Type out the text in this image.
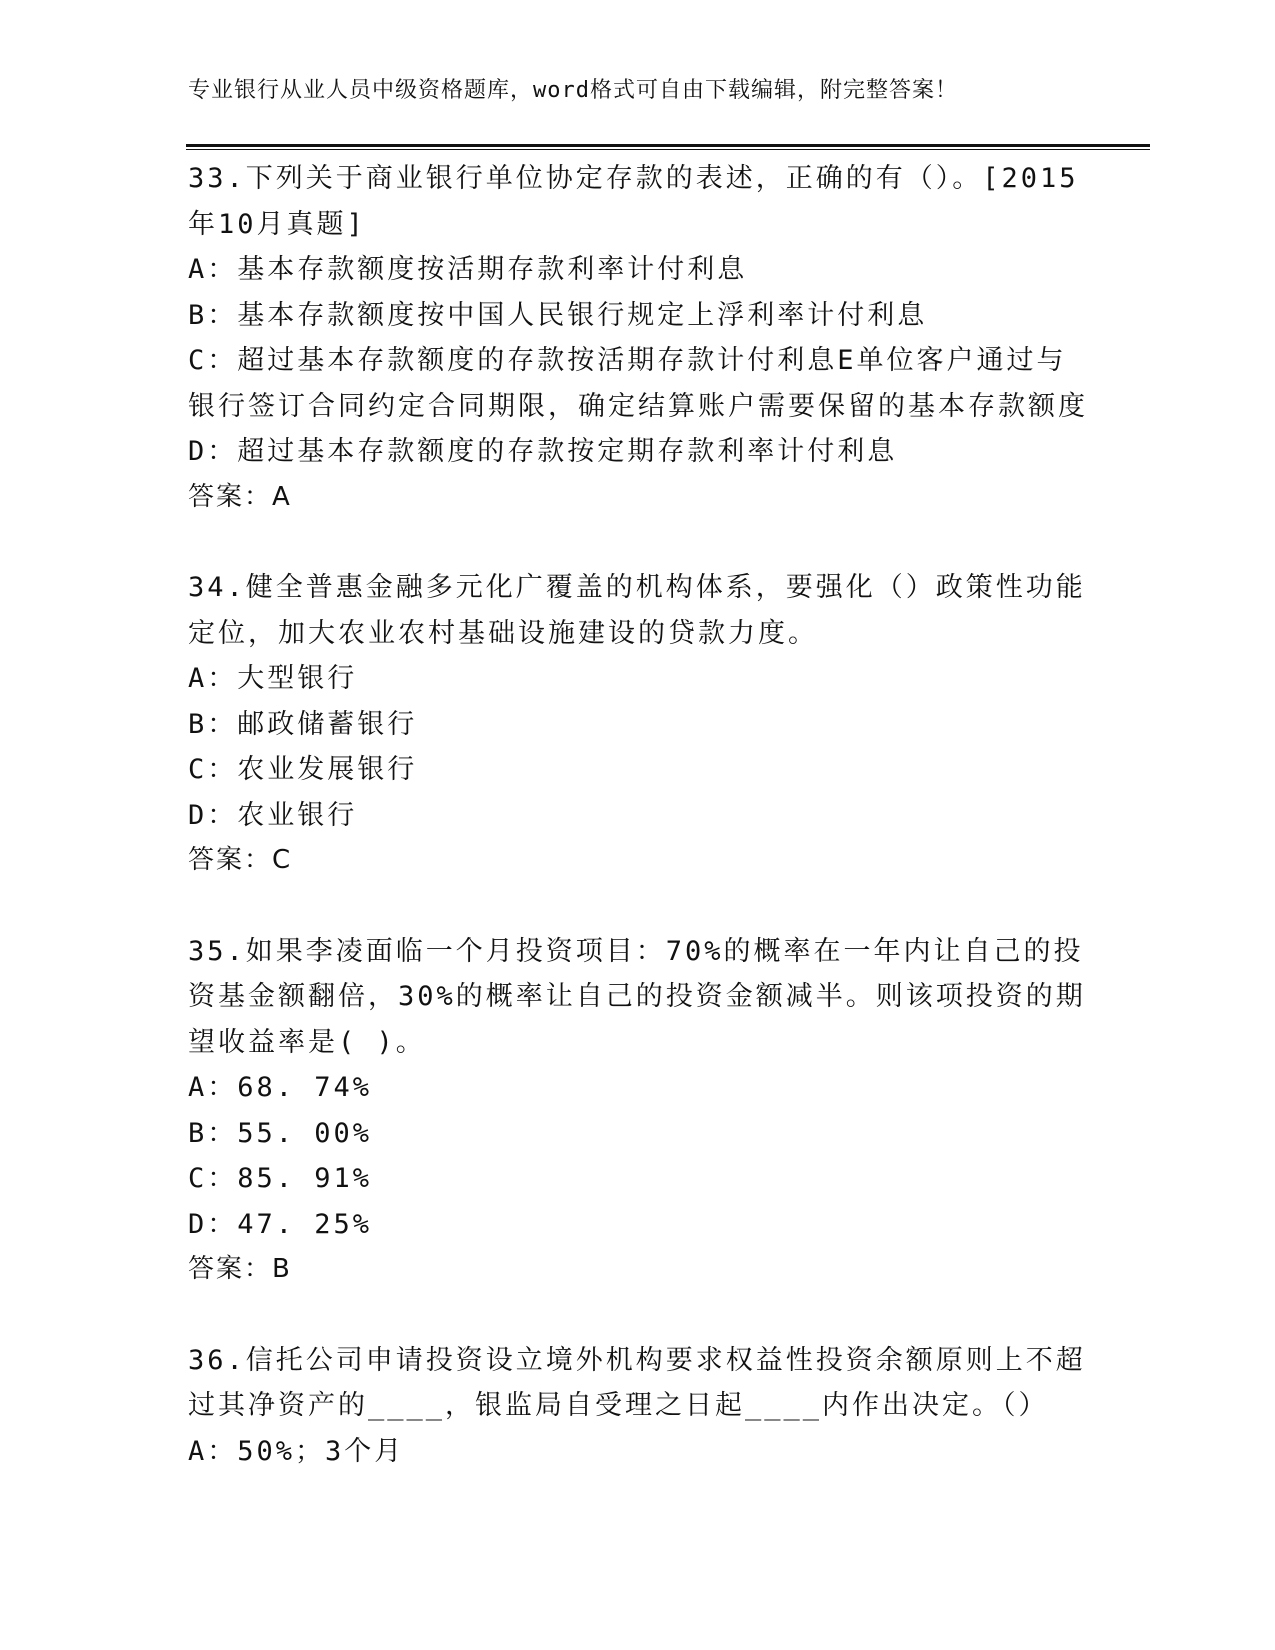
专业银行从业人员中级资格题库，word格式可自由下载编辑，附完整答案！
33.下列关于商业银行单位协定存款的表述，正确的有（）。[2015年10月真题]
A：基本存款额度按活期存款利率计付利息
B：基本存款额度按中国人民银行规定上浮利率计付利息
C：超过基本存款额度的存款按活期存款计付利息E单位客户通过与银行签订合同约定合同期限，确定结算账户需要保留的基本存款额度
D：超过基本存款额度的存款按定期存款利率计付利息
答案：A
34.健全普惠金融多元化广覆盖的机构体系，要强化（）政策性功能定位，加大农业农村基础设施建设的贷款力度。
A：大型银行
B：邮政储蓄银行
C：农业发展银行
D：农业银行
答案：C
35.如果李凌面临一个月投资项目：70%的概率在一年内让自己的投资基金额翻倍，30%的概率让自己的投资金额减半。则该项投资的期望收益率是( )。
A：68. 74%
B：55. 00%
C：85. 91%
D：47. 25%
答案：B
36.信托公司申请投资设立境外机构要求权益性投资余额原则上不超过其净资产的____，银监局自受理之日起____内作出决定。（）
A：50%；3个月
